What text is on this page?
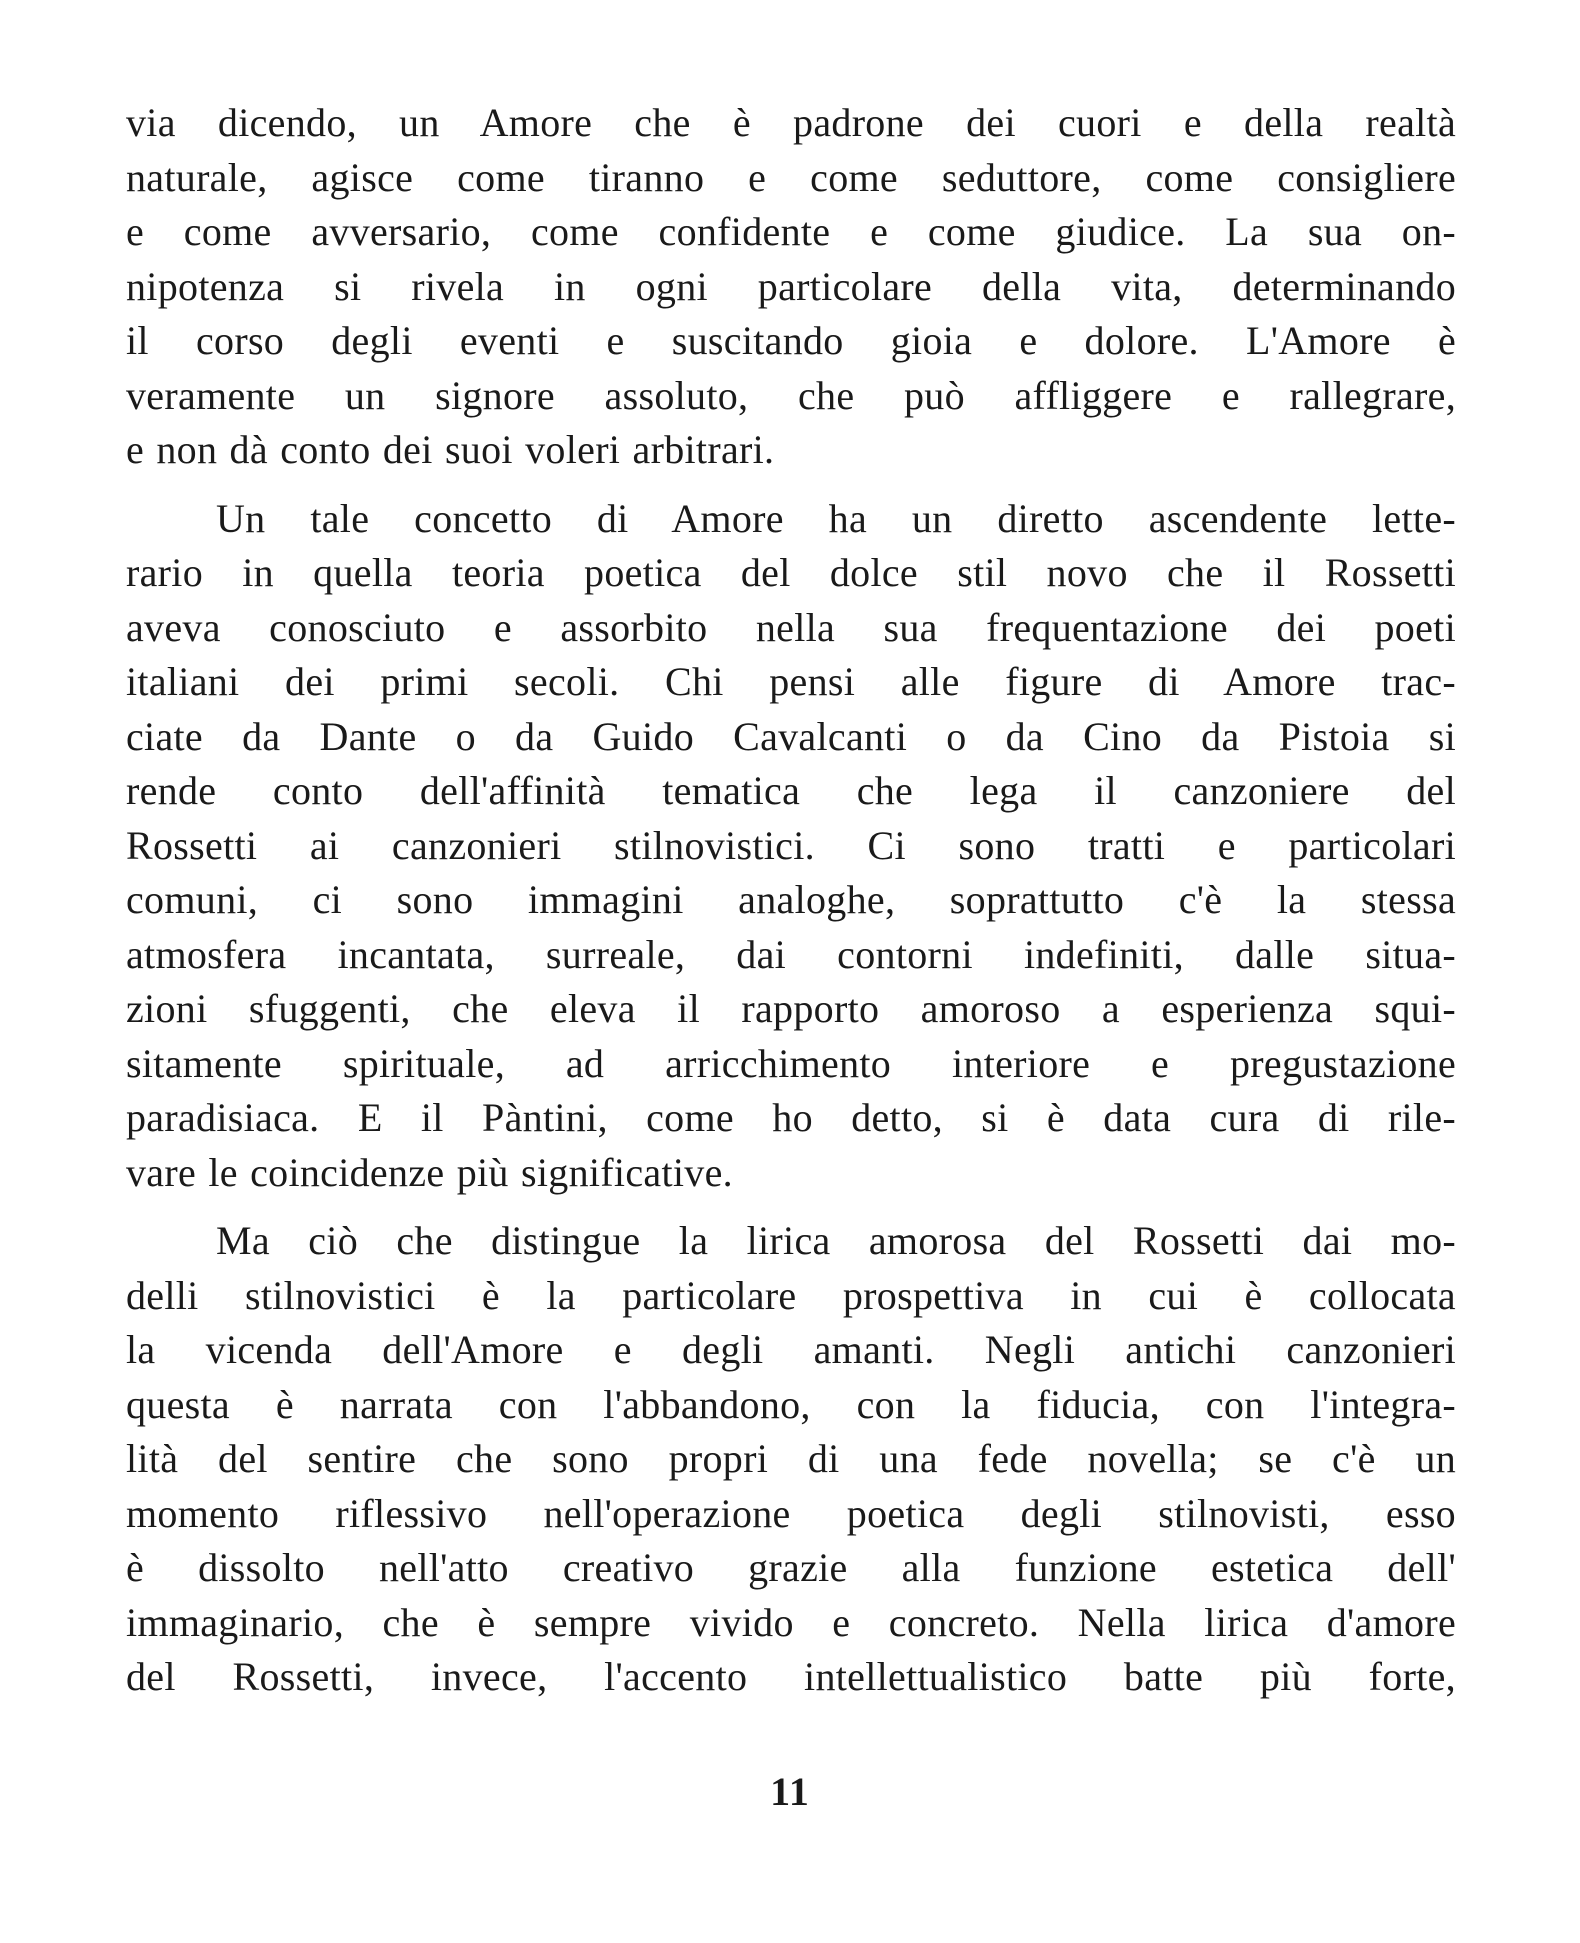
via dicendo, un Amore che è padrone dei cuori e della realtà
naturale, agisce come tiranno e come seduttore, come consigliere
e come avversario, come confidente e come giudice. La sua on-
nipotenza si rivela in ogni particolare della vita, determinando
il corso degli eventi e suscitando gioia e dolore. L'Amore è
veramente un signore assoluto, che può affliggere e rallegrare,
e non dà conto dei suoi voleri arbitrari.

Un tale concetto di Amore ha un diretto ascendente lette-
rario in quella teoria poetica del dolce stil novo che il Rossetti
aveva conosciuto e assorbito nella sua frequentazione dei poeti
italiani dei primi secoli. Chi pensi alle figure di Amore trac-
ciate da Dante o da Guido Cavalcanti o da Cino da Pistoia si
rende conto dell'affinità tematica che lega il canzoniere del
Rossetti ai canzonieri stilnovistici. Ci sono tratti e particolari
comuni, ci sono immagini analoghe, soprattutto c'è la stessa
atmosfera incantata, surreale, dai contorni indefiniti, dalle situa-
zioni sfuggenti, che eleva il rapporto amoroso a esperienza squi-
sitamente spirituale, ad arricchimento interiore e pregustazione
paradisiaca. E il Pàntini, come ho detto, si è data cura di rile-
vare le coincidenze più significative.

Ma ciò che distingue la lirica amorosa del Rossetti dai mo-
delli stilnovistici è la particolare prospettiva in cui è collocata
la vicenda dell'Amore e degli amanti. Negli antichi canzonieri
questa è narrata con l'abbandono, con la fiducia, con l'integra-
lità del sentire che sono propri di una fede novella; se c'è un
momento riflessivo nell'operazione poetica degli stilnovisti, esso
è dissolto nell'atto creativo grazie alla funzione estetica dell'
immaginario, che è sempre vivido e concreto. Nella lirica d'amore
del Rossetti, invece, l'accento intellettualistico batte più forte,

11
